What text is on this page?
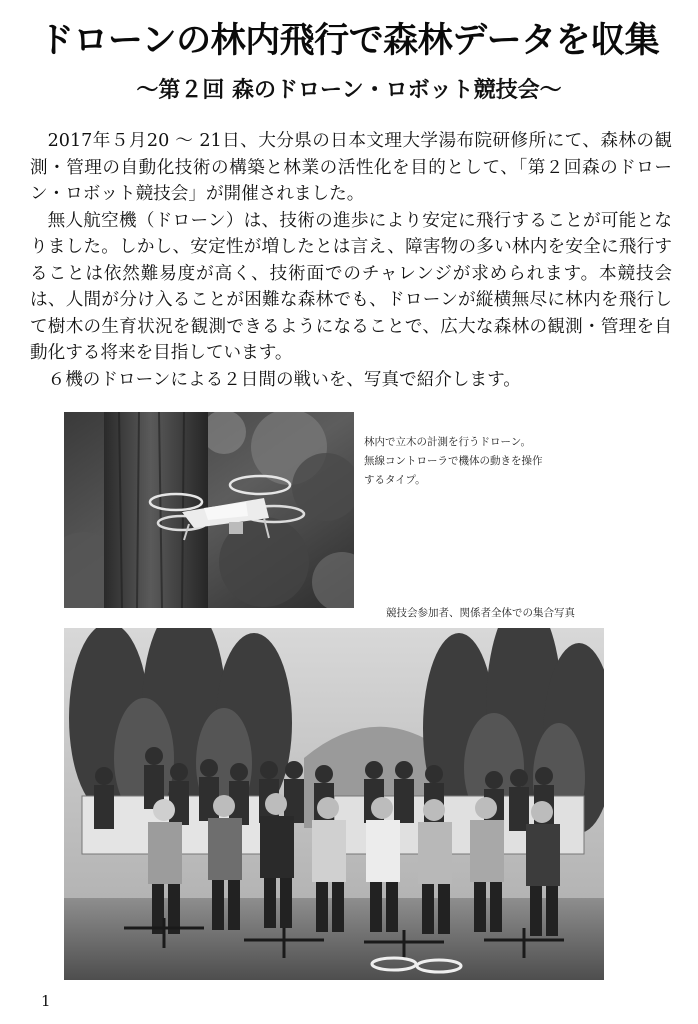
ドローンの林内飛行で森林データを収集
～第２回 森のドローン・ロボット競技会～

2017年５月20 ～ 21日、大分県の日本文理大学湯布院研修所にて、森林の観測・管理の自動化技術の構築と林業の活性化を目的として、「第２回森のドローン・ロボット競技会」が開催されました。

無人航空機（ドローン）は、技術の進歩により安定に飛行することが可能となりました。しかし、安定性が増したとは言え、障害物の多い林内を安全に飛行することは依然難易度が高く、技術面でのチャレンジが求められます。本競技会は、人間が分け入ることが困難な森林でも、ドローンが縦横無尽に林内を飛行して樹木の生育状況を観測できるようになることで、広大な森林の観測・管理を自動化する将来を目指しています。

６機のドローンによる２日間の戦いを、写真で紹介します。

林内で立木の計測を行うドローン。
無線コントローラで機体の動きを操作
するタイプ。
競技会参加者、関係者全体での集合写真
1
